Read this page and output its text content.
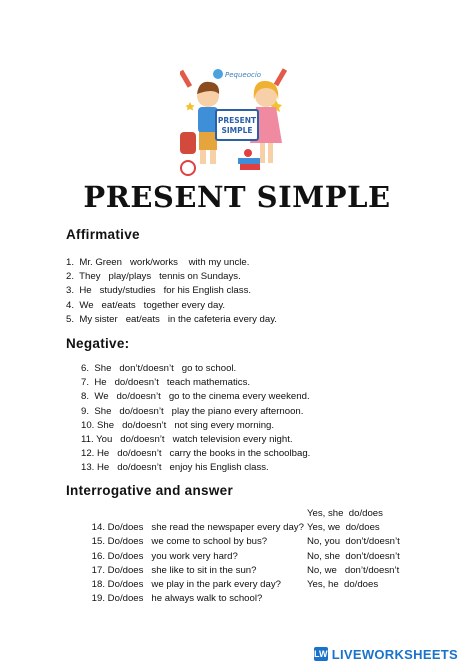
Pequeocio
PRESENT
SIMPLE
PRESENT SIMPLE
Affirmative
1.  Mr. Green   work/works    with my uncle.
2.  They   play/plays   tennis on Sundays.
3.  He   study/studies   for his English class.
4.  We   eat/eats   together every day.
5.  My sister   eat/eats   in the cafeteria every day.
Negative:
6.  She   don’t/doesn’t   go to school.
7.  He   do/doesn’t   teach mathematics.
8.  We   do/doesn’t   go to the cinema every weekend.
9.  She   do/doesn’t   play the piano every afternoon.
10. She   do/doesn’t   not sing every morning.
11. You   do/doesn’t   watch television every night.
12. He   do/doesn’t   carry the books in the schoolbag.
13. He   do/doesn’t   enjoy his English class.
Interrogative and answer

14. Do/does   she read the newspaper every day?

Yes, she  do/does

15. Do/does   we come to school by bus?

Yes, we  do/does

16. Do/does   you work very hard?

No, you  don’t/doesn’t

17. Do/does   she like to sit in the sun?

No, she  don’t/doesn’t

18. Do/does   we play in the park every day?

No, we   don’t/doesn’t

19. Do/does   he always walk to school?

Yes, he  do/does

LW LIVEWORKSHEETS
